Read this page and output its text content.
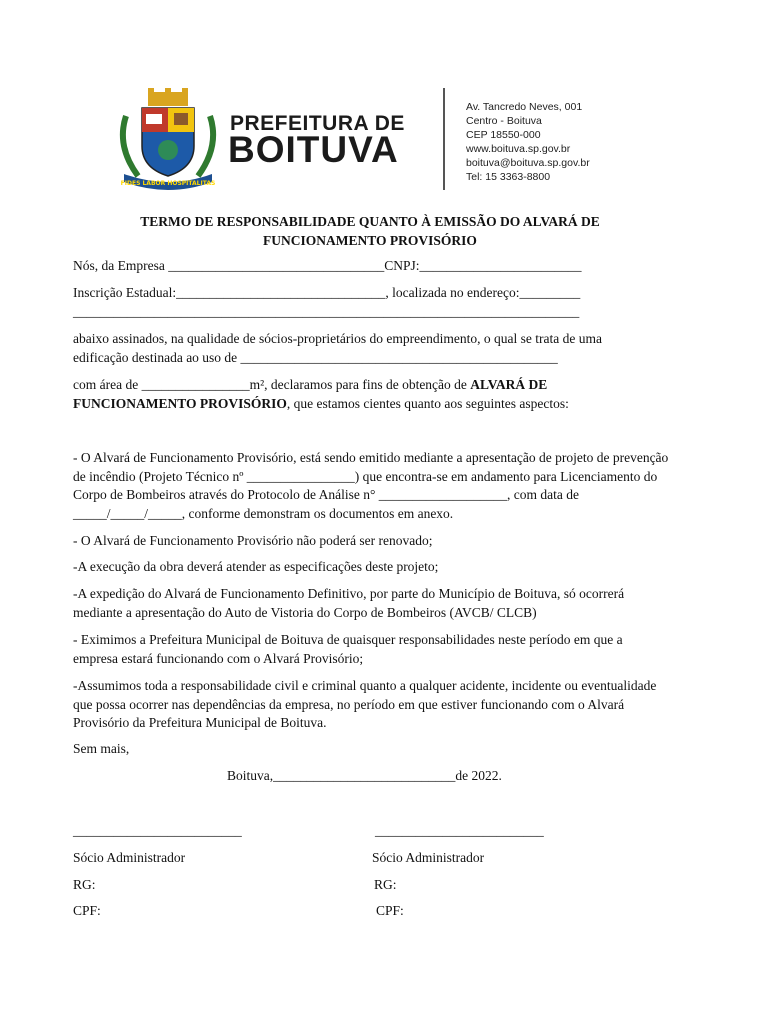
FIDES LABOR HOSPITALITAS
PREFEITURA DE
BOITUVA
Av. Tancredo Neves, 001
Centro - Boituva
CEP 18550-000
www.boituva.sp.gov.br
boituva@boituva.sp.gov.br
Tel: 15 3363-8800
TERMO DE RESPONSABILIDADE QUANTO À EMISSÃO DO ALVARÁ DE
FUNCIONAMENTO PROVISÓRIO
Nós, da Empresa ________________________________CNPJ:________________________
Inscrição Estadual:_______________________________, localizada no endereço:_________
___________________________________________________________________________
abaixo assinados, na qualidade de sócios-proprietários do empreendimento, o qual se trata de uma edificação destinada ao uso de _______________________________________________
com área de ________________m², declaramos para fins de obtenção de ALVARÁ DE FUNCIONAMENTO PROVISÓRIO, que estamos cientes quanto aos seguintes aspectos:
- O Alvará de Funcionamento Provisório, está sendo emitido mediante a apresentação de projeto de prevenção de incêndio (Projeto Técnico nº ________________) que encontra-se em andamento para Licenciamento do Corpo de Bombeiros através do Protocolo de Análise n° ___________________, com data de _____/_____/_____, conforme demonstram os documentos em anexo.
- O Alvará de Funcionamento Provisório não poderá ser renovado;
-A execução da obra deverá atender as especificações deste projeto;
-A expedição do Alvará de Funcionamento Definitivo, por parte do Município de Boituva, só ocorrerá mediante a apresentação do Auto de Vistoria do Corpo de Bombeiros (AVCB/ CLCB)
- Eximimos a Prefeitura Municipal de Boituva de quaisquer responsabilidades neste período em que a empresa estará funcionando com o Alvará Provisório;
-Assumimos toda a responsabilidade civil e criminal quanto a qualquer acidente, incidente ou eventualidade que possa ocorrer nas dependências da empresa, no período em que estiver funcionando com o Alvará Provisório da Prefeitura Municipal de Boituva.
Sem mais,
Boituva,___________________________de 2022.
_________________________	_________________________
Sócio Administrador	Sócio Administrador
RG:	RG:
CPF:	CPF:
